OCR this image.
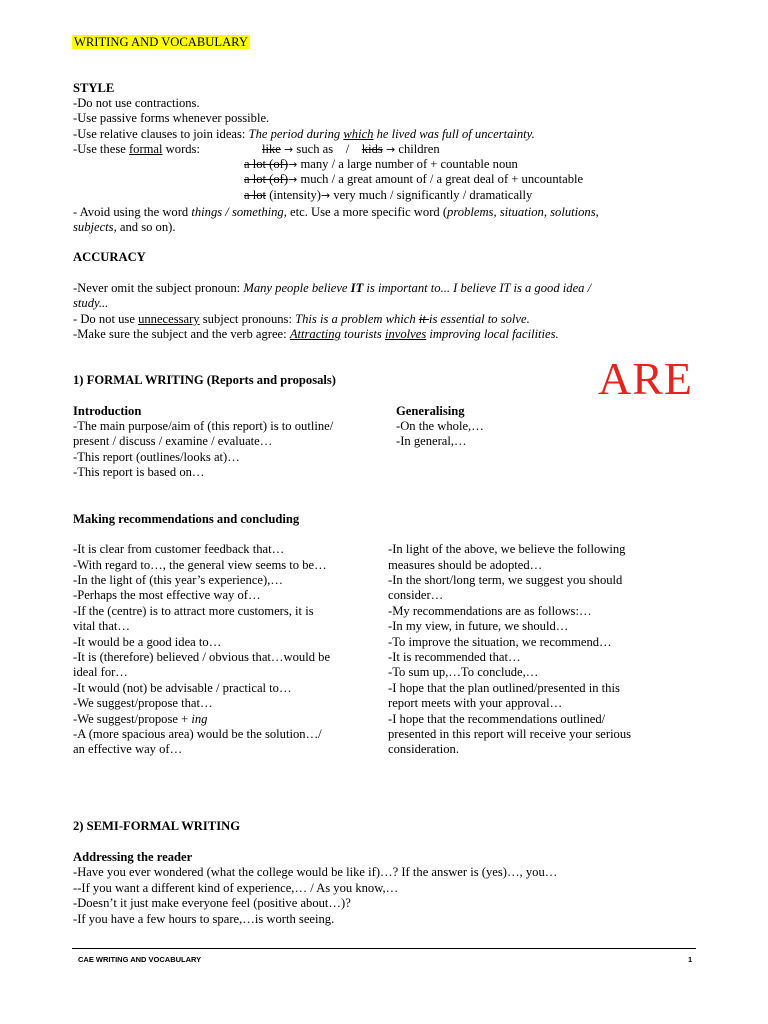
WRITING AND VOCABULARY
STYLE
-Do not use contractions.
-Use passive forms whenever possible.
-Use relative clauses to join ideas: The period during which he lived was full of uncertainty.
-Use these formal words:	like → such as / kids → children
a lot (of)→ many / a large number of + countable noun
a lot (of)→ much / a great amount of / a great deal of + uncountable
a lot (intensity)→ very much / significantly / dramatically
- Avoid using the word things / something, etc. Use a more specific word (problems, situation, solutions,
subjects, and so on).
ACCURACY
-Never omit the subject pronoun: Many people believe IT is important to... I believe IT is a good idea /
study...
- Do not use unnecessary subject pronouns: This is a problem which it is essential to solve.
-Make sure the subject and the verb agree: Attracting tourists involves improving local facilities.
ARE
1) FORMAL WRITING (Reports and proposals)
Introduction
-The main purpose/aim of (this report) is to outline/
present / discuss / examine / evaluate…
-This report (outlines/looks at)…
-This report is based on…
Generalising
-On the whole,…
-In general,…
Making recommendations and concluding
-It is clear from customer feedback that…
-With regard to…, the general view seems to be…
-In the light of (this year’s experience),…
-Perhaps the most effective way of…
-If the (centre) is to attract more customers, it is
vital that…
-It would be a good idea to…
-It is (therefore) believed / obvious that…would be
ideal for…
-It would (not) be advisable / practical to…
-We suggest/propose that…
-We suggest/propose + ing
-A (more spacious area) would be the solution…/
an effective way of…
-In light of the above, we believe the following
measures should be adopted…
-In the short/long term, we suggest you should
consider…
-My recommendations are as follows:…
-In my view, in future, we should…
-To improve the situation, we recommend…
-It is recommended that…
-To sum up,…To conclude,…
-I hope that the plan outlined/presented in this
report meets with your approval…
-I hope that the recommendations outlined/
presented in this report will receive your serious
consideration.
2) SEMI-FORMAL WRITING
Addressing the reader
-Have you ever wondered (what the college would be like if)…? If the answer is (yes)…, you…
--If you want a different kind of experience,… / As you know,…
-Doesn’t it just make everyone feel (positive about…)?
-If you have a few hours to spare,…is worth seeing.
CAE WRITING AND VOCABULARY	1
